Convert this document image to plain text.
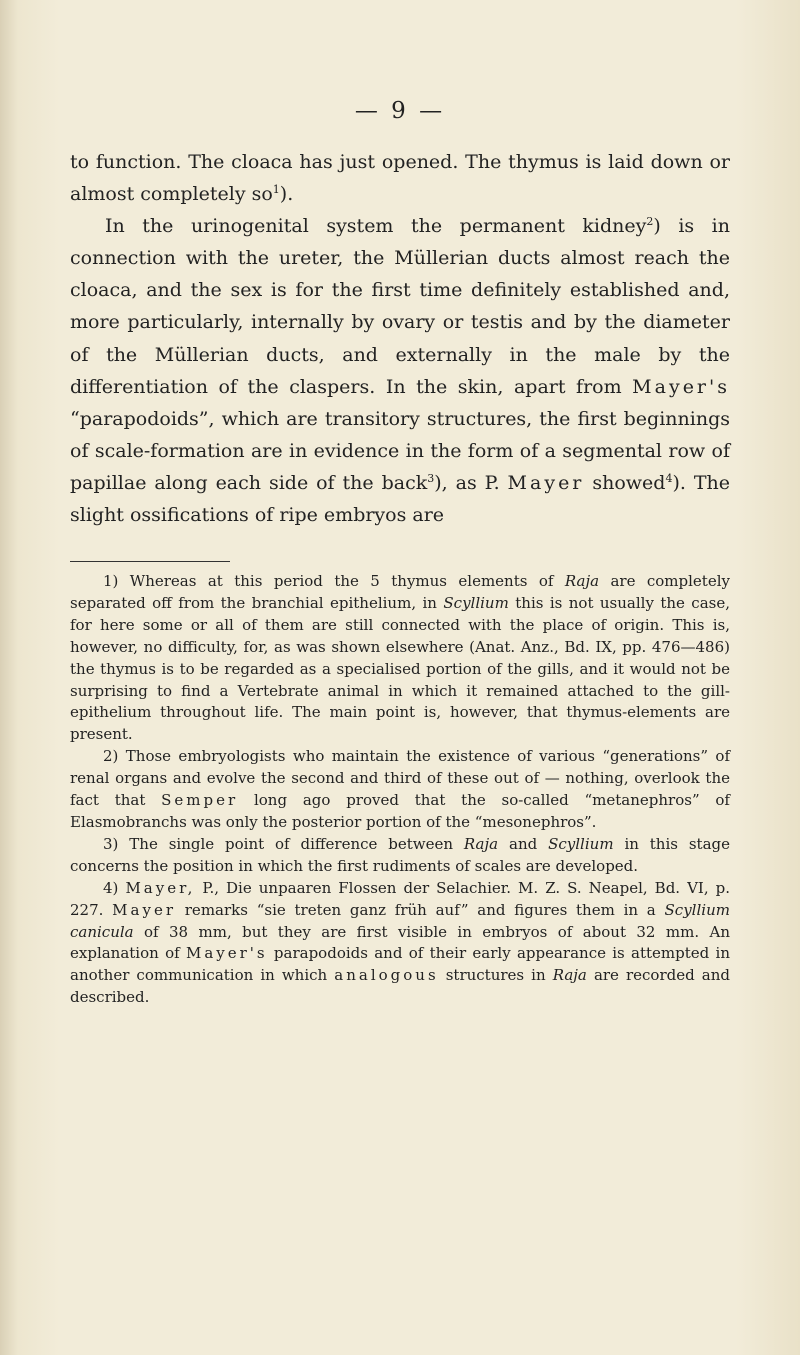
— 9 —

to function. The cloaca has just opened. The thymus is laid down or almost completely $so^1$).

In the urinogenital system the permanent kidney$^2$) is in connection with the ureter, the Müllerian ducts almost reach the cloaca, and the sex is for the first time definitely established and, more particularly, internally by ovary or testis and by the diameter of the Müllerian ducts, and externally in the male by the differentiation of the claspers. In the skin, apart from Mayer's “parapodoids”, which are transitory structures, the first beginnings of scale-formation are in evidence in the form of a segmental row of papillae along each side of the back$^3$), as P. Mayer showed$^4$). The slight ossifications of ripe embryos are

1) Whereas at this period the 5 thymus elements of Raja are completely separated off from the branchial epithelium, in Scyllium this is not usually the case, for here some or all of them are still connected with the place of origin. This is, however, no difficulty, for, as was shown elsewhere (Anat. Anz., Bd. IX, pp. 476—486) the thymus is to be regarded as a specialised portion of the gills, and it would not be surprising to find a Vertebrate animal in which it remained attached to the gill-epithelium throughout life. The main point is, however, that thymus-elements are present.

2) Those embryologists who maintain the existence of various “generations” of renal organs and evolve the second and third of these out of — nothing, overlook the fact that Semper long ago proved that the so-called “metanephros” of Elasmobranchs was only the posterior portion of the “mesonephros”.

3) The single point of difference between Raja and Scyllium in this stage concerns the position in which the first rudiments of scales are developed.

4) Mayer, P., Die unpaaren Flossen der Selachier. M. Z. S. Neapel, Bd. VI, p. 227. Mayer remarks “sie treten ganz früh auf” and figures them in a Scyllium canicula of 38 mm, but they are first visible in embryos of about 32 mm. An explanation of Mayer's parapodoids and of their early appearance is attempted in another communication in which analogous structures in Raja are recorded and described.
